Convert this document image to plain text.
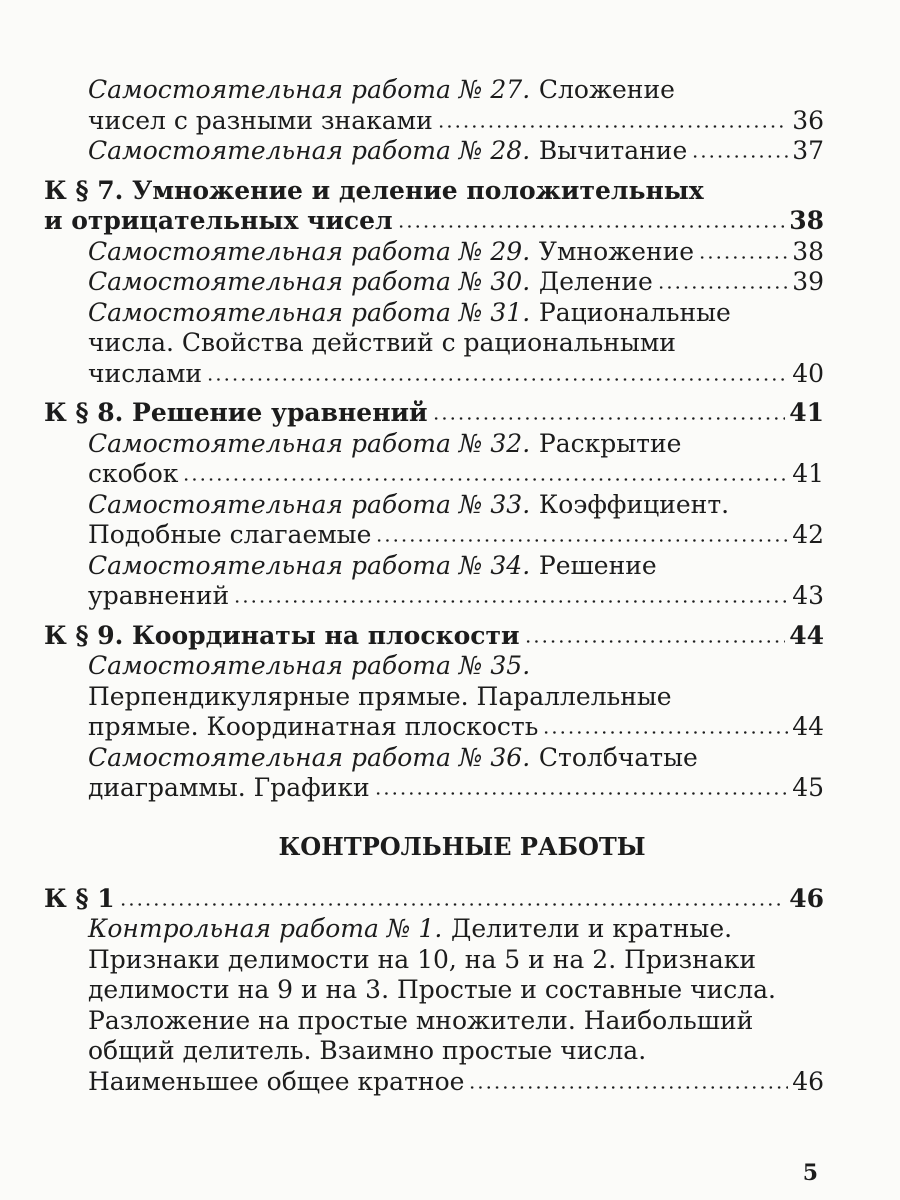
Самостоятельная работа № 27. Сложение
чисел с разными знаками	36
Самостоятельная работа № 28. Вычитание	37
К § 7. Умножение и деление положительных
и отрицательных чисел	38
Самостоятельная работа № 29. Умножение	38
Самостоятельная работа № 30. Деление	39
Самостоятельная работа № 31. Рациональные
числа. Свойства действий с рациональными
числами	40
К § 8. Решение уравнений	41
Самостоятельная работа № 32. Раскрытие
скобок	41
Самостоятельная работа № 33. Коэффициент.
Подобные слагаемые	42
Самостоятельная работа № 34. Решение
уравнений	43
К § 9. Координаты на плоскости	44
Самостоятельная работа № 35.
Перпендикулярные прямые. Параллельные
прямые. Координатная плоскость	44
Самостоятельная работа № 36. Столбчатые
диаграммы. Графики	45
КОНТРОЛЬНЫЕ РАБОТЫ
К § 1	46
Контрольная работа № 1. Делители и кратные.
Признаки делимости на 10, на 5 и на 2. Признаки
делимости на 9 и на 3. Простые и составные числа.
Разложение на простые множители. Наибольший
общий делитель. Взаимно простые числа.
Наименьшее общее кратное	46
5
